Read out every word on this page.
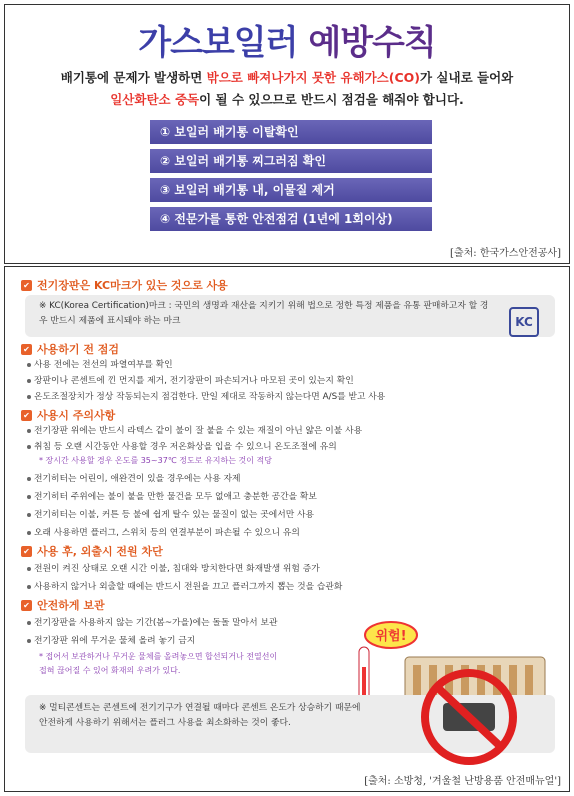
가스보일러 예방수칙
배기통에 문제가 발생하면 밖으로 빠져나가지 못한 유해가스(CO)가 실내로 들어와
일산화탄소 중독이 될 수 있으므로 반드시 점검을 해줘야 합니다.
① 보일러 배기통 이탈확인
② 보일러 배기통 찌그러짐 확인
③ 보일러 배기통 내, 이물질 제거
④ 전문가를 통한 안전점검 (1년에 1회이상)
[출처: 한국가스안전공사]
✔ 전기장판은 KC마크가 있는 것으로 사용
※ KC(Korea Certification)마크 : 국민의 생명과 재산을 지키기 위해 법으로 정한 특정 제품을 유통 판매하고자 할 경우 반드시 제품에 표시돼야 하는 마크	KC
✔ 사용하기 전 점검
사용 전에는 전선의 파열여부를 확인
장판이나 콘센트에 낀 먼지를 제거, 전기장판이 파손되거나 마모된 곳이 있는지 확인
온도조절장치가 정상 작동되는지 점검한다. 만일 제대로 작동하지 않는다면 A/S를 받고 사용
✔ 사용시 주의사항
전기장판 위에는 반드시 라텍스 같이 불이 잘 붙을 수 있는 재질이 아닌 얇은 이불 사용
취침 등 오랜 시간동안 사용할 경우 저온화상을 입을 수 있으니 온도조절에 유의
* 장시간 사용할 경우 온도를 35~37℃ 정도로 유지하는 것이 적당
전기히터는 어린이, 애완견이 있을 경우에는 사용 자제
전기히터 주위에는 불이 붙을 만한 물건을 모두 없애고 충분한 공간을 확보
전기히터는 이불, 커튼 등 불에 쉽게 탈수 있는 물질이 없는 곳에서만 사용
오래 사용하면 플러그, 스위치 등의 연결부분이 파손될 수 있으니 유의
✔ 사용 후, 외출시 전원 차단
전원이 켜진 상태로 오랜 시간 이불, 침대와 방치한다면 화재발생 위험 증가
사용하지 않거나 외출할 때에는 반드시 전원을 끄고 플러그까지 뽑는 것을 습관화
✔ 안전하게 보관
전기장판을 사용하지 않는 기간(봄~가을)에는 돌돌 말아서 보관
전기장판 위에 무거운 물체 올려 놓기 금지
* 접어서 보관하거나 무거운 물체를 올려놓으면 합선되거나 전열선이
접혀 끊어질 수 있어 화재의 우려가 있다.
위험!
※ 멀티콘센트는 콘센트에 전기기구가 연결될 때마다 콘센트 온도가 상승하기 때문에 안전하게 사용하기 위해서는 플러그 사용을 최소화하는 것이 좋다.
[출처: 소방청, '겨울철 난방용품 안전매뉴얼']
